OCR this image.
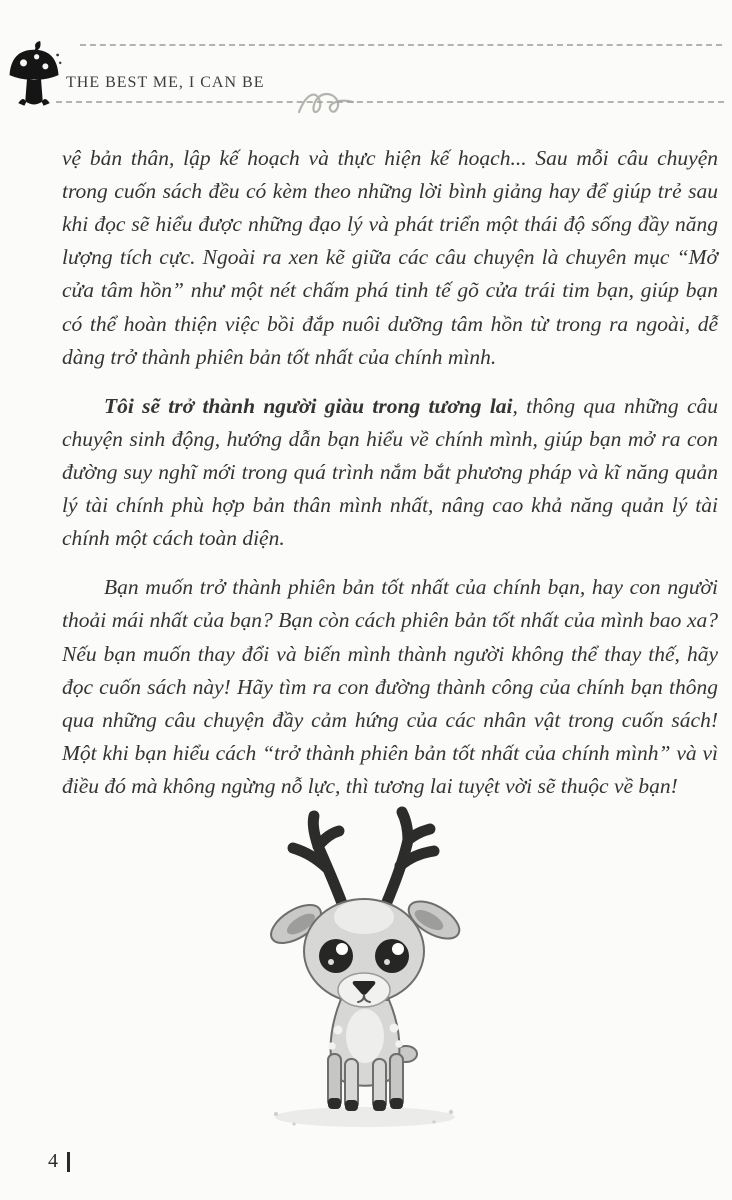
THE BEST ME, I CAN BE

vệ bản thân, lập kế hoạch và thực hiện kế hoạch... Sau mỗi câu chuyện trong cuốn sách đều có kèm theo những lời bình giảng hay để giúp trẻ sau khi đọc sẽ hiểu được những đạo lý và phát triển một thái độ sống đầy năng lượng tích cực. Ngoài ra xen kẽ giữa các câu chuyện là chuyên mục “Mở cửa tâm hồn” như một nét chấm phá tinh tế gõ cửa trái tim bạn, giúp bạn có thể hoàn thiện việc bồi đắp nuôi dưỡng tâm hồn từ trong ra ngoài, dễ dàng trở thành phiên bản tốt nhất của chính mình.

Tôi sẽ trở thành người giàu trong tương lai, thông qua những câu chuyện sinh động, hướng dẫn bạn hiểu về chính mình, giúp bạn mở ra con đường suy nghĩ mới trong quá trình nắm bắt phương pháp và kĩ năng quản lý tài chính phù hợp bản thân mình nhất, nâng cao khả năng quản lý tài chính một cách toàn diện.

Bạn muốn trở thành phiên bản tốt nhất của chính bạn, hay con người thoải mái nhất của bạn? Bạn còn cách phiên bản tốt nhất của mình bao xa? Nếu bạn muốn thay đổi và biến mình thành người không thể thay thế, hãy đọc cuốn sách này! Hãy tìm ra con đường thành công của chính bạn thông qua những câu chuyện đầy cảm hứng của các nhân vật trong cuốn sách! Một khi bạn hiểu cách “trở thành phiên bản tốt nhất của chính mình” và vì điều đó mà không ngừng nỗ lực, thì tương lai tuyệt vời sẽ thuộc về bạn!

4
